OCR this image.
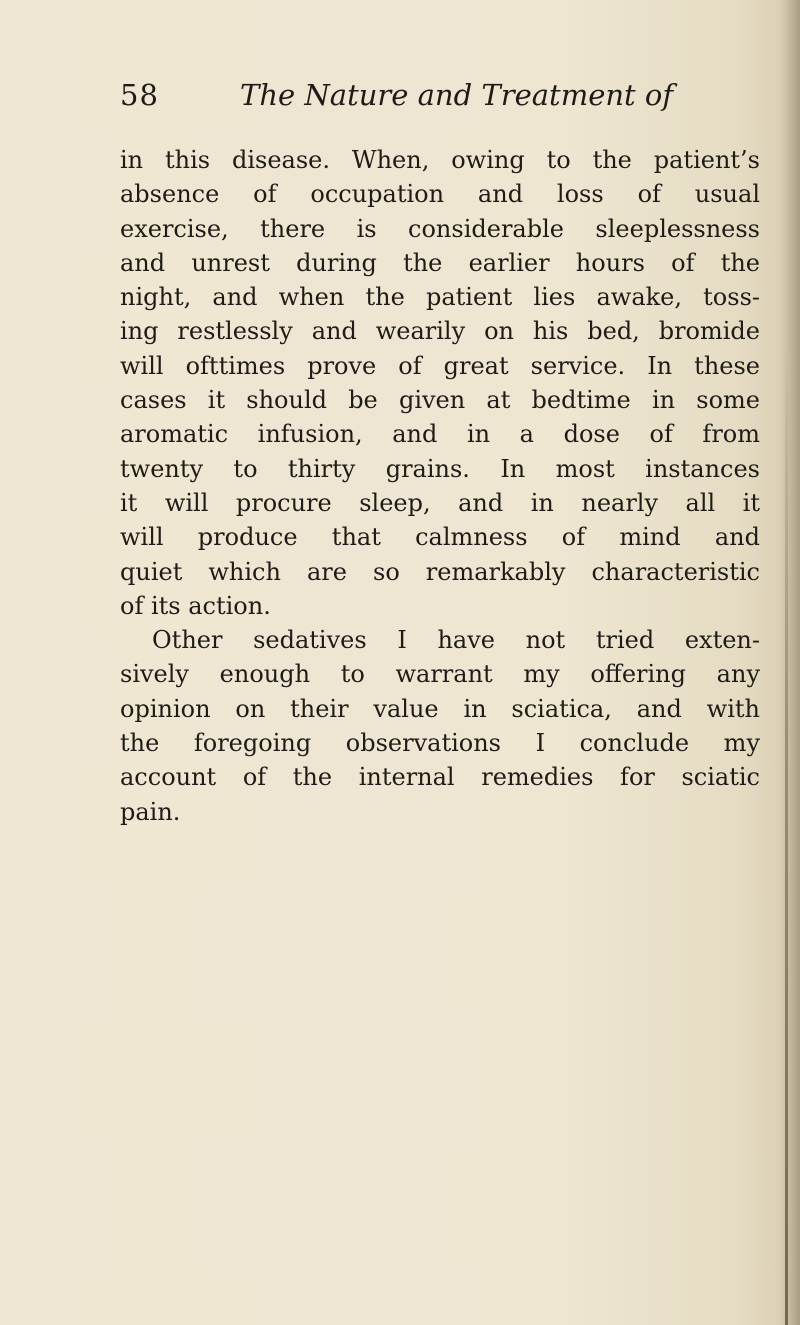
58	The Nature and Treatment of
in this disease. When, owing to the patient’s
absence of occupation and loss of usual
exercise, there is considerable sleeplessness
and unrest during the earlier hours of the
night, and when the patient lies awake, toss-
ing restlessly and wearily on his bed, bromide
will ofttimes prove of great service. In these
cases it should be given at bedtime in some
aromatic infusion, and in a dose of from
twenty to thirty grains. In most instances
it will procure sleep, and in nearly all it
will produce that calmness of mind and
quiet which are so remarkably characteristic
of its action.
Other sedatives I have not tried exten-
sively enough to warrant my offering any
opinion on their value in sciatica, and with
the foregoing observations I conclude my
account of the internal remedies for sciatic
pain.
